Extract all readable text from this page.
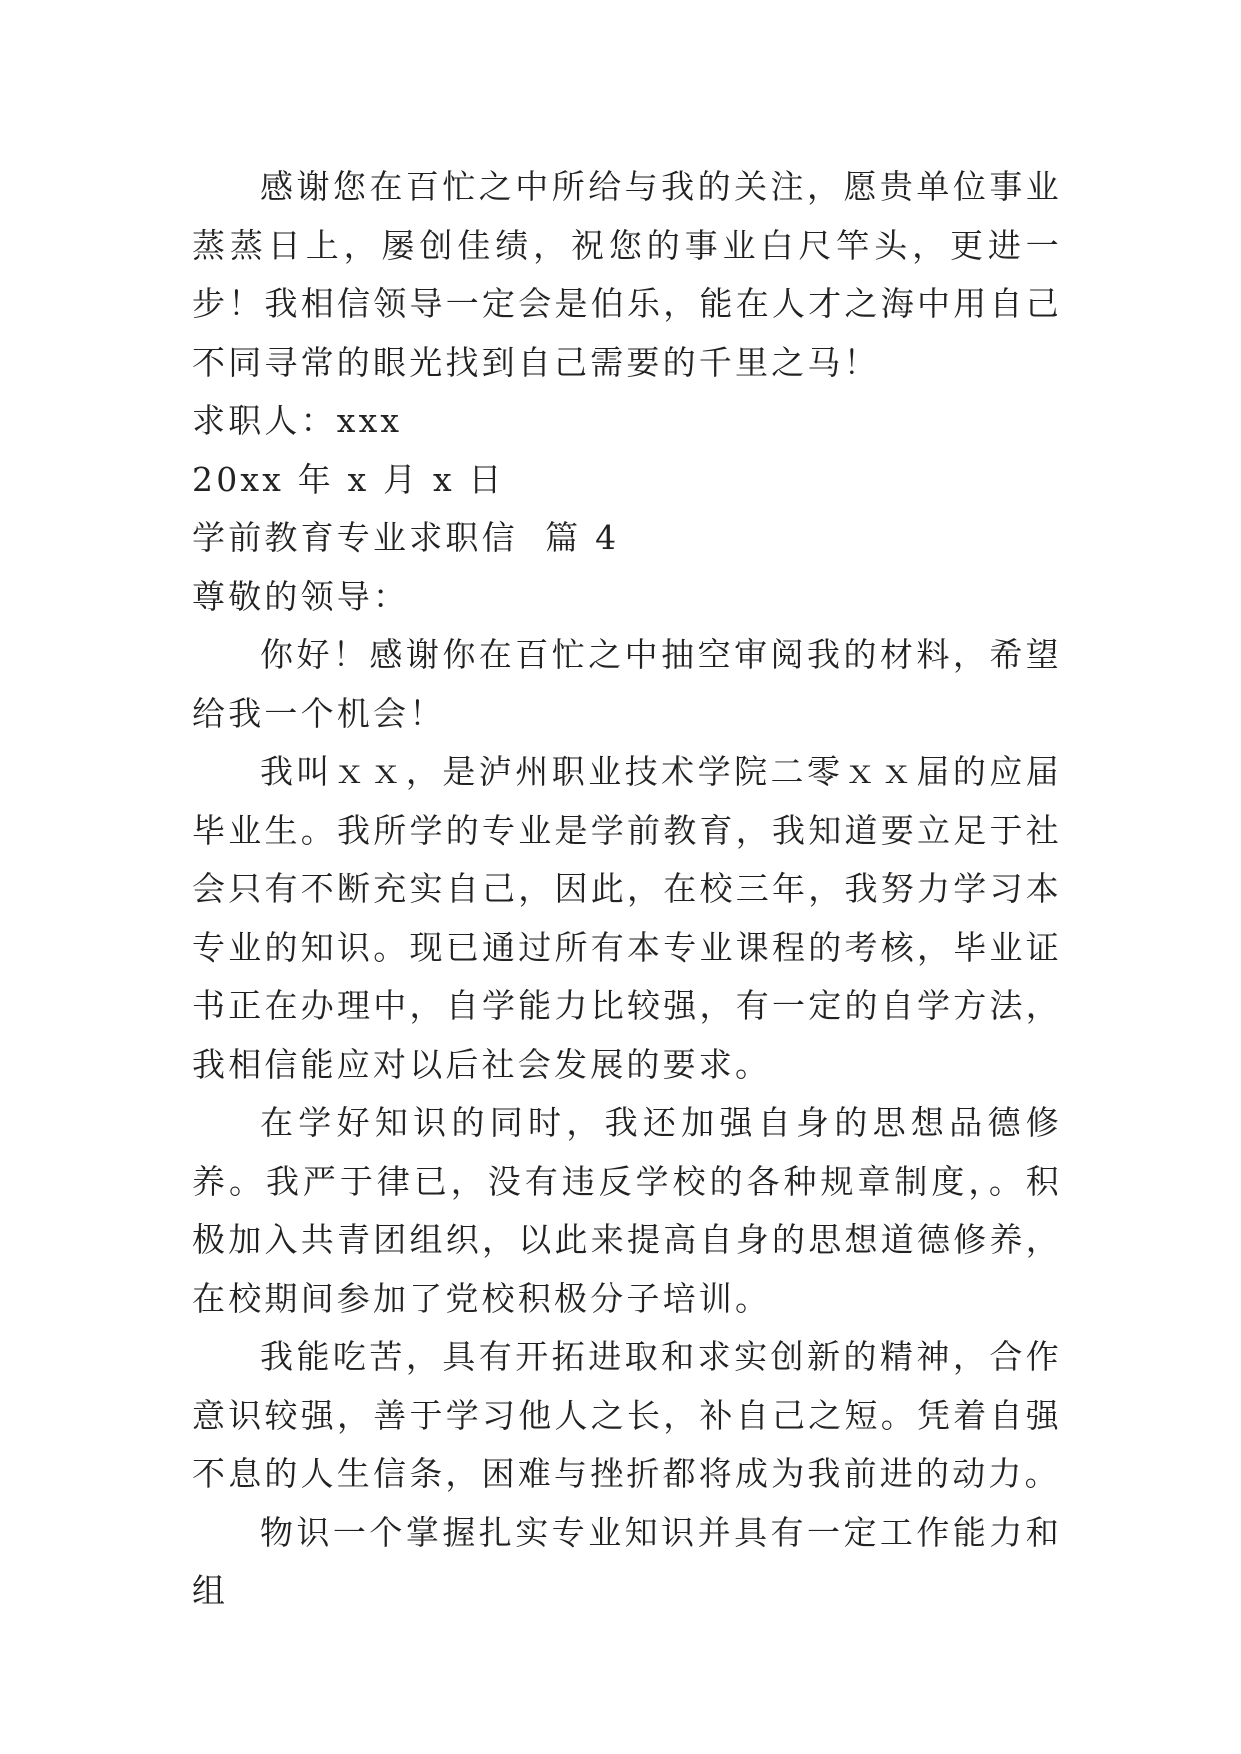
感谢您在百忙之中所给与我的关注，愿贵单位事业蒸蒸日上，屡创佳绩，祝您的事业白尺竿头，更进一步！我相信领导一定会是伯乐，能在人才之海中用自己不同寻常的眼光找到自己需要的千里之马！

求职人：xxx

20xx 年 x 月 x 日

学前教育专业求职信  篇 4

尊敬的领导：

你好！感谢你在百忙之中抽空审阅我的材料，希望给我一个机会！

我叫ｘｘ，是泸州职业技术学院二零ｘｘ届的应届毕业生。我所学的专业是学前教育，我知道要立足于社会只有不断充实自己，因此，在校三年，我努力学习本专业的知识。现已通过所有本专业课程的考核，毕业证书正在办理中，自学能力比较强，有一定的自学方法，我相信能应对以后社会发展的要求。

在学好知识的同时，我还加强自身的思想品德修养。我严于律已，没有违反学校的各种规章制度，。积极加入共青团组织，以此来提高自身的思想道德修养，在校期间参加了党校积极分子培训。

我能吃苦，具有开拓进取和求实创新的精神，合作意识较强，善于学习他人之长，补自己之短。凭着自强不息的人生信条，困难与挫折都将成为我前进的动力。

物识一个掌握扎实专业知识并具有一定工作能力和组
